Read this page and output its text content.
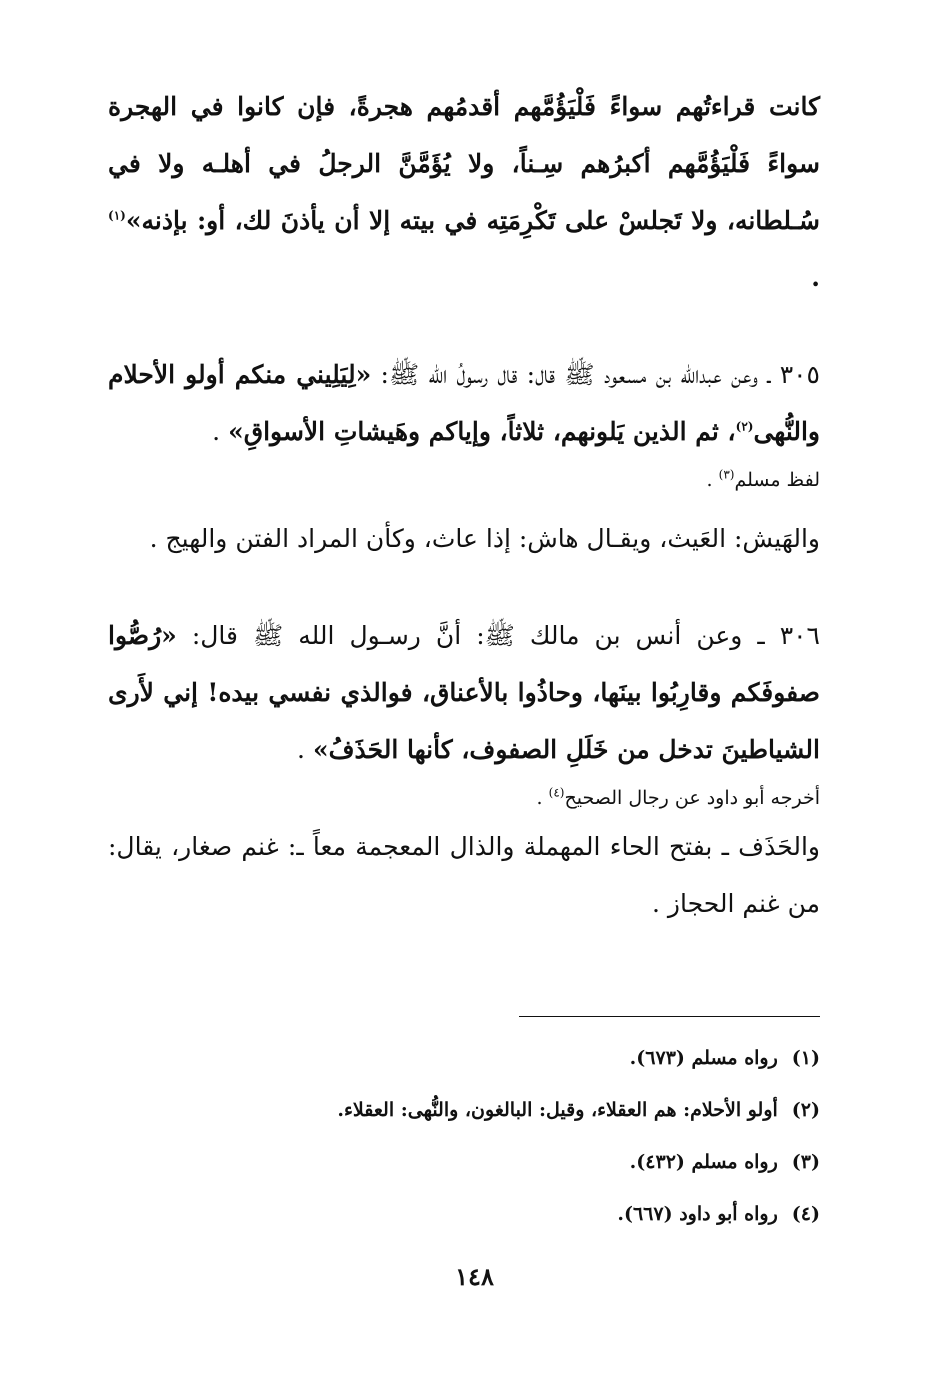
كانت قراءتُهم سواءً فَلْيَؤُمَّهم أقدمُهم هجرةً، فإن كانوا في الهجرة سواءً فَلْيَؤُمَّهم أكبرُهم سِـناً، ولا يُؤَمَّنَّ الرجلُ في أهلـه ولا في سُـلطانه، ولا تَجلسْ على تَكْرِمَتِه في بيته إلا أن يأذنَ لك، أو: بإذنه»$^{(١)}$ .

٣٠٥ ـ وعن عبدالله بن مسعود ﷺ قال: قال رسولُ الله ﷺ: «لِيَلِيني منكم أولو الأحلام والنُّهى$^{(٢)}$، ثم الذين يَلونهم، ثلاثاً، وإياكم وهَيشاتِ الأسواقِ» .

لفظ مسلم$^{(٣)}$ .

والهَيش: العَيث، ويقـال هاش: إذا عاث، وكأن المراد الفتن والهيج .

٣٠٦ ـ وعن أنس بن مالك ﷺ: أنَّ رسـول الله ﷺ قال: «رُصُّوا صفوفَكم وقارِبُوا بينَها، وحاذُوا بالأعناق، فوالذي نفسي بيده! إني لأَرى الشياطينَ تدخل من خَلَلِ الصفوف، كأنها الحَذَفُ» .

أخرجه أبو داود عن رجال الصحيح$^{(٤)}$ .

والحَذَف ـ بفتح الحاء المهملة والذال المعجمة معاً ـ: غنم صغار، يقال: من غنم الحجاز .

(١)رواه مسلم (٦٧٣).
(٢)أولو الأحلام: هم العقلاء، وقيل: البالغون، والنُّهى: العقلاء.
(٣)رواه مسلم (٤٣٢).
(٤)رواه أبو داود (٦٦٧).
١٤٨
